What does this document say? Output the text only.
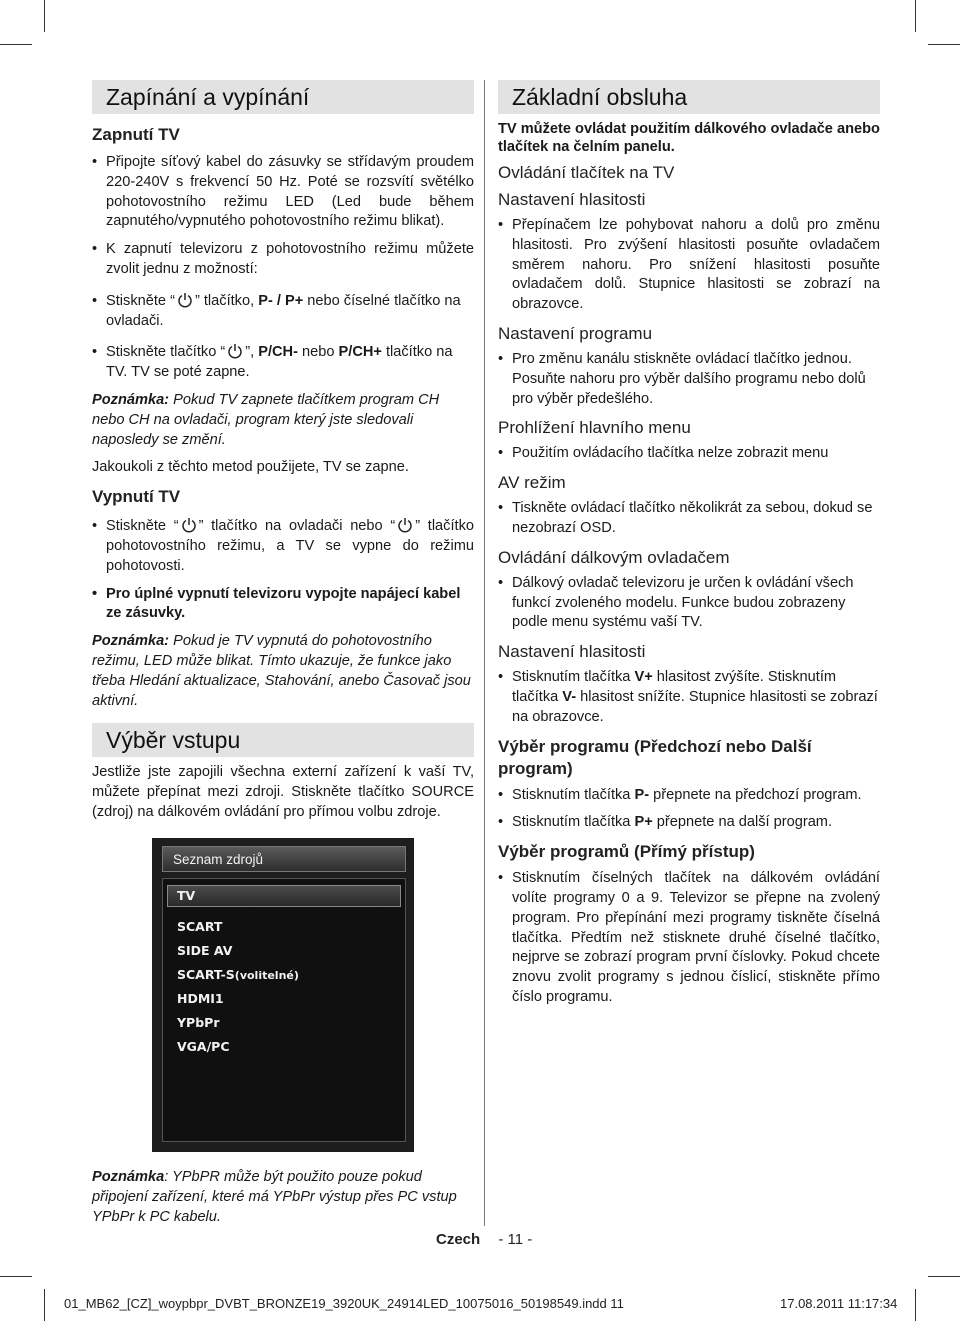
Zapínání a vypínání
Zapnutí TV
• Připojte síťový kabel do zásuvky se střídavým proudem 220-240V s frekvencí 50 Hz. Poté se rozsvítí světélko pohotovostního režimu LED (Led bude během zapnutého/vypnutého pohotovostního režimu blikat).
• K zapnutí televizoru z pohotovostního režimu můžete zvolit jednu z možností:
• Stiskněte “ ” tlačítko, P- / P+ nebo číselné tlačítko na ovladači.
• Stiskněte tlačítko “ ”, P/CH- nebo P/CH+ tlačítko na TV. TV se poté zapne.

Poznámka: Pokud TV zapnete tlačítkem program CH nebo CH na ovladači, program který jste sledovali naposledy se změní.

Jakoukoli z těchto metod použijete, TV se zapne.

Vypnutí TV
• Stiskněte “ ” tlačítko na ovladači nebo “ ” tlačítko pohotovostního režimu, a TV se vypne do režimu pohotovosti.
• Pro úplné vypnutí televizoru vypojte napájecí kabel ze zásuvky.

Poznámka: Pokud je TV vypnutá do pohotovostního režimu, LED může blikat. Tímto ukazuje, že funkce jako třeba Hledání aktualizace, Stahování, anebo Časovač jsou aktivní.

Výběr vstupu

Jestliže jste zapojili všechna externí zařízení k vaší TV, můžete přepínat mezi zdroji. Stiskněte tlačítko SOURCE (zdroj) na dálkovém ovládání pro přímou volbu zdroje.

Seznam zdrojů
TV
SCART
SIDE AV
SCART-S(volitelné)
HDMI1
YPbPr
VGA/PC

Poznámka: YPbPR může být použito pouze pokud připojení zařízení, které má YPbPr výstup přes PC vstup YPbPr k PC kabelu.

Základní obsluha

TV můžete ovládat použitím dálkového ovladače anebo tlačítek na čelním panelu.

Ovládání tlačítek na TV
Nastavení hlasitosti
• Přepínačem lze pohybovat nahoru a dolů pro změnu hlasitosti. Pro zvýšení hlasitosti posuňte ovladačem směrem nahoru. Pro snížení hlasitosti posuňte ovladačem dolů. Stupnice hlasitosti se zobrazí na obrazovce.
Nastavení programu
• Pro změnu kanálu stiskněte ovládací tlačítko jednou. Posuňte nahoru pro výběr dalšího programu nebo dolů pro výběr předešlého.
Prohlížení hlavního menu
• Použitím ovládacího tlačítka nelze zobrazit menu
AV režim
• Tiskněte ovládací tlačítko několikrát za sebou, dokud se nezobrazí OSD.
Ovládání dálkovým ovladačem
• Dálkový ovladač televizoru je určen k ovládání všech funkcí zvoleného modelu. Funkce budou zobrazeny podle menu systému vaší TV.
Nastavení hlasitosti
• Stisknutím tlačítka V+ hlasitost zvýšíte. Stisknutím tlačítka V- hlasitost snížíte. Stupnice hlasitosti se zobrazí na obrazovce.
Výběr programu (Předchozí nebo Další program)
• Stisknutím tlačítka P- přepnete na předchozí program.
• Stisknutím tlačítka P+ přepnete na další program.
Výběr programů (Přímý přístup)
• Stisknutím číselných tlačítek na dálkovém ovládání volíte programy 0 a 9. Televizor se přepne na zvolený program. Pro přepínání mezi programy tiskněte číselná tlačítka. Předtím než stisknete druhé číselné tlačítko, nejprve se zobrazí program první číslovky. Pokud chcete znovu zvolit programy s jednou číslicí, stiskněte přímo číslo programu.
Czech - 11 -
01_MB62_[CZ]_woypbpr_DVBT_BRONZE19_3920UK_24914LED_10075016_50198549.indd 11	17.08.2011 11:17:34
